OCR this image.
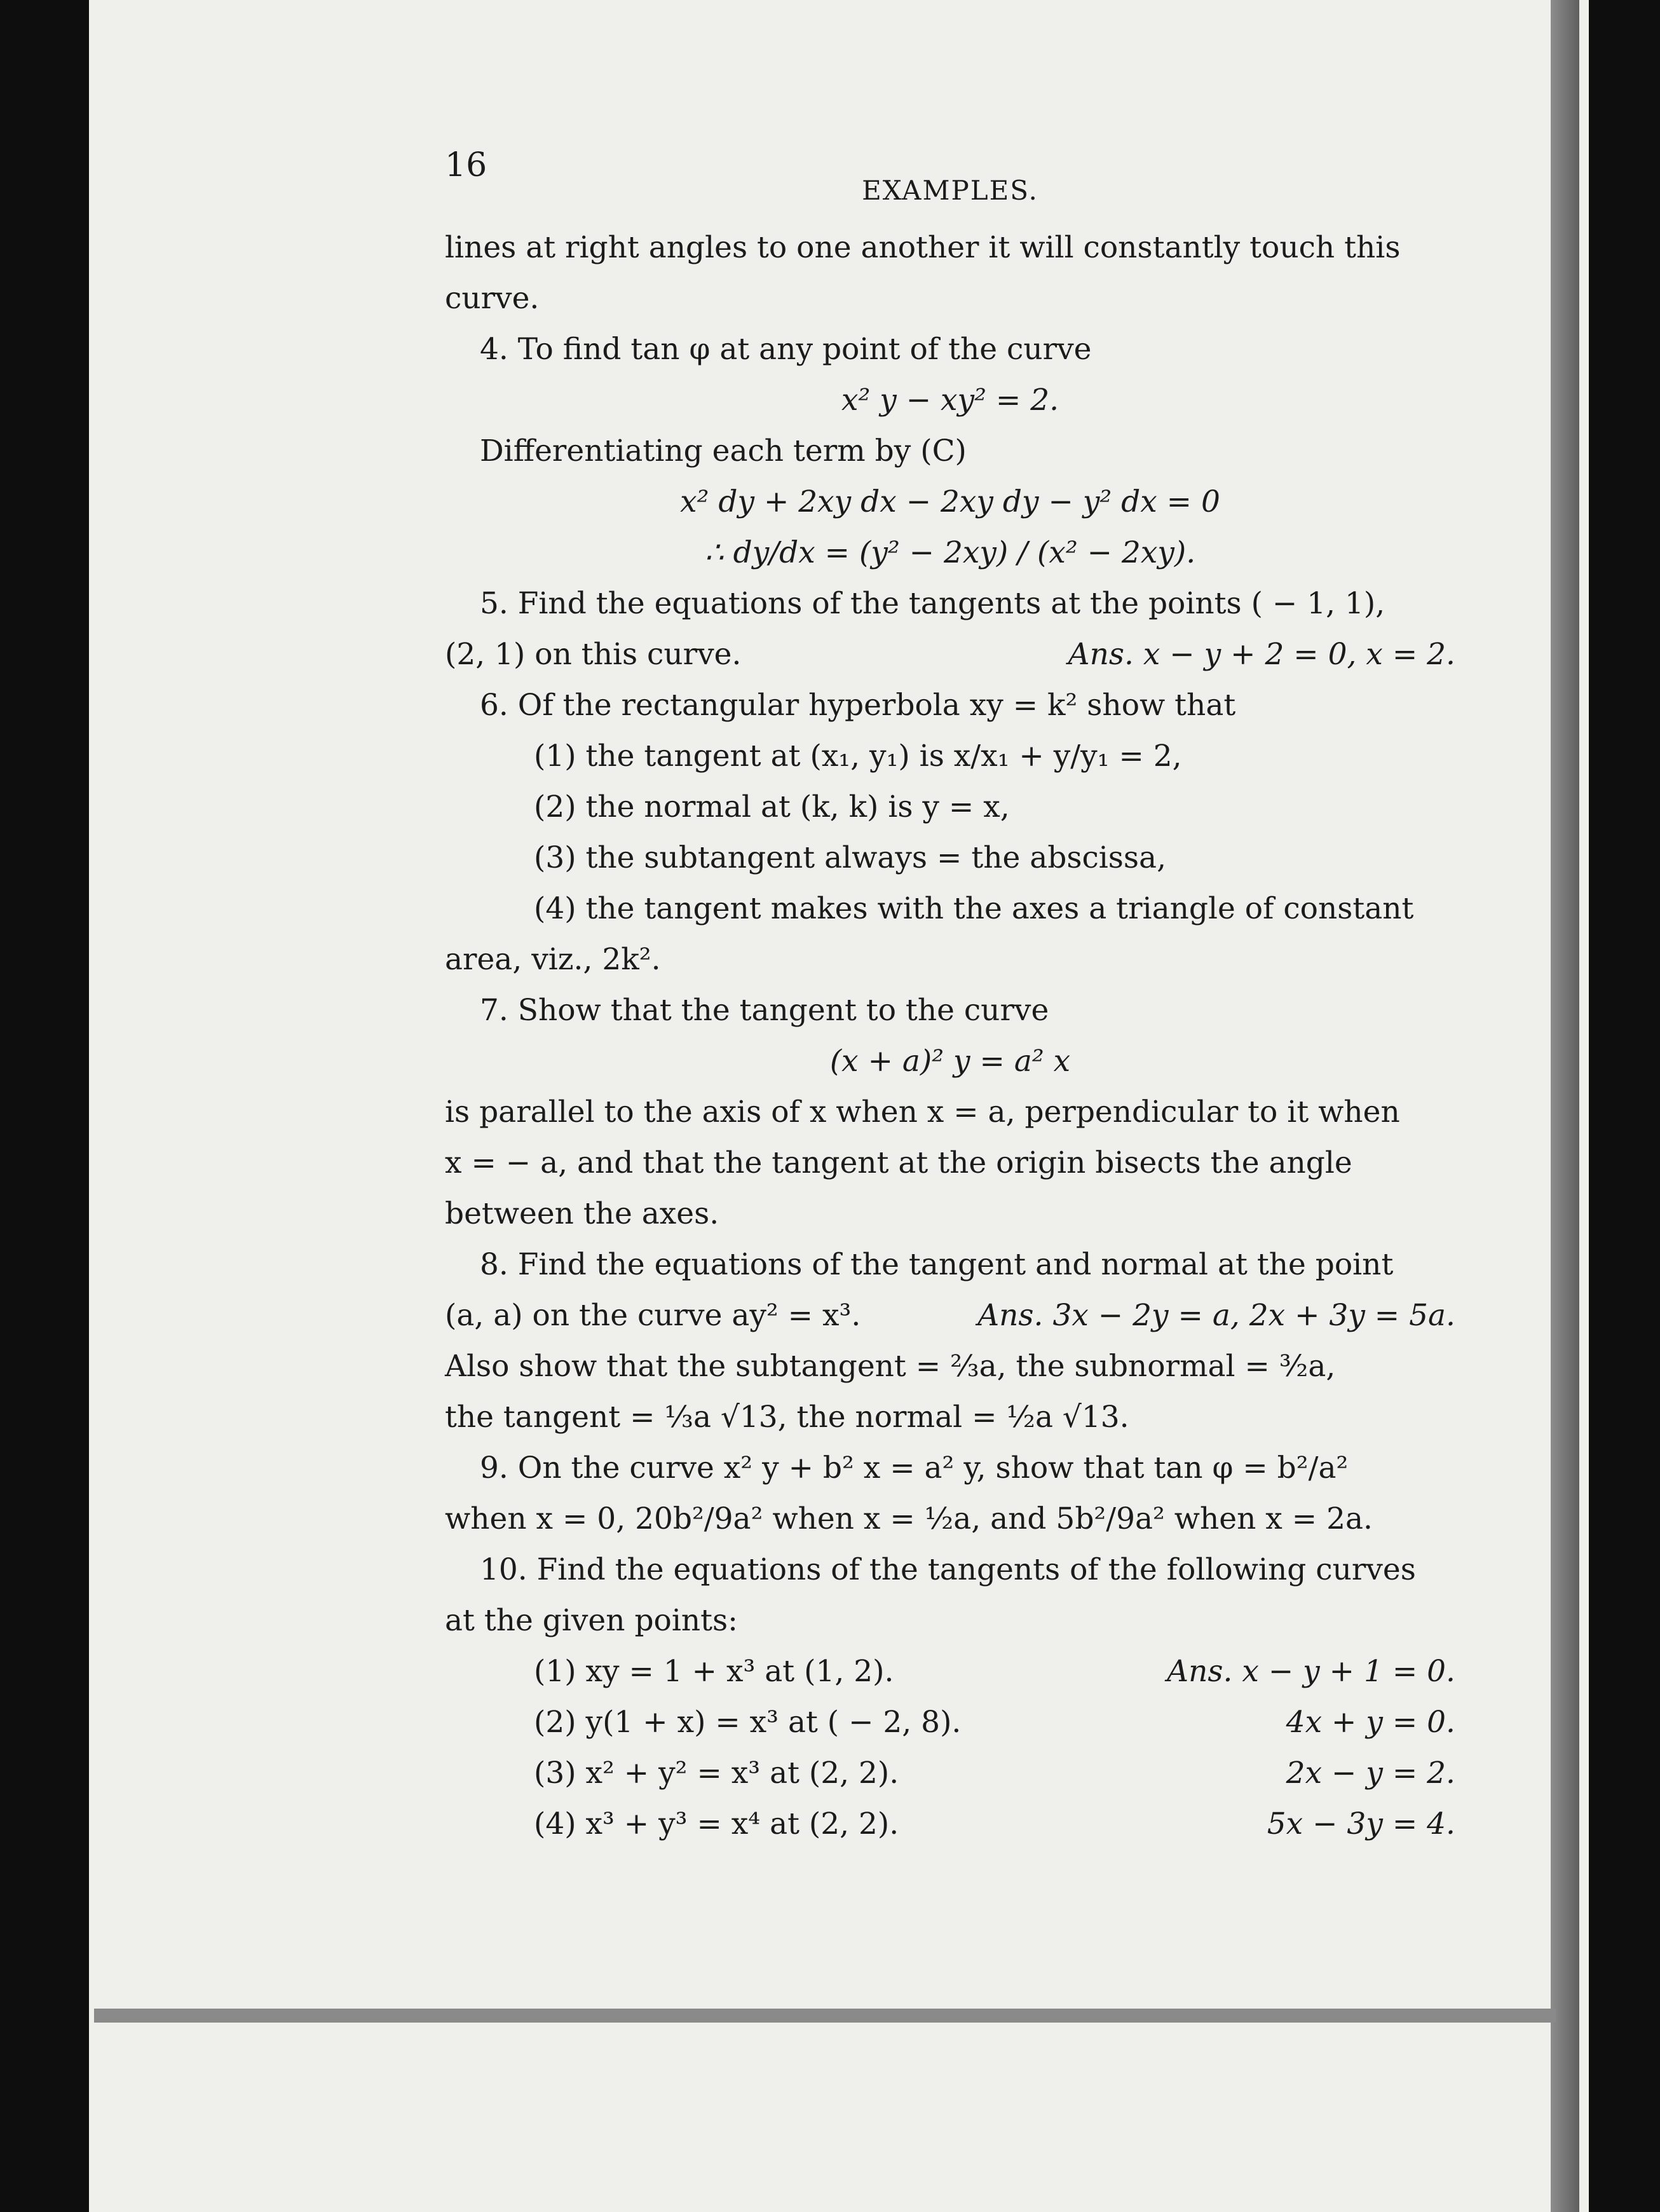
16
EXAMPLES.
lines at right angles to one another it will constantly touch this
curve.
4. To find tan φ at any point of the curve
x² y − xy² = 2.
Differentiating each term by (C)
x² dy + 2xy dx − 2xy dy − y² dx = 0
∴ dy/dx = (y² − 2xy) / (x² − 2xy).
5. Find the equations of the tangents at the points ( − 1, 1),
(2, 1) on this curve.	Ans. x − y + 2 = 0, x = 2.
6. Of the rectangular hyperbola xy = k² show that
(1) the tangent at (x₁, y₁) is x/x₁ + y/y₁ = 2,
(2) the normal at (k, k) is y = x,
(3) the subtangent always = the abscissa,
(4) the tangent makes with the axes a triangle of constant
area, viz., 2k².
7. Show that the tangent to the curve
(x + a)² y = a² x
is parallel to the axis of x when x = a, perpendicular to it when
x = − a, and that the tangent at the origin bisects the angle
between the axes.
8. Find the equations of the tangent and normal at the point
(a, a) on the curve ay² = x³.	Ans. 3x − 2y = a, 2x + 3y = 5a.
Also show that the subtangent = ⅔a, the subnormal = ³⁄₂a,
the tangent = ⅓a √13, the normal = ½a √13.
9. On the curve x² y + b² x = a² y, show that tan φ = b²/a²
when x = 0, 20b²/9a² when x = ½a, and 5b²/9a² when x = 2a.
10. Find the equations of the tangents of the following curves
at the given points:
(1) xy = 1 + x³ at (1, 2).	Ans. x − y + 1 = 0.
(2) y(1 + x) = x³ at ( − 2, 8).	4x + y = 0.
(3) x² + y² = x³ at (2, 2).	2x − y = 2.
(4) x³ + y³ = x⁴ at (2, 2).	5x − 3y = 4.
